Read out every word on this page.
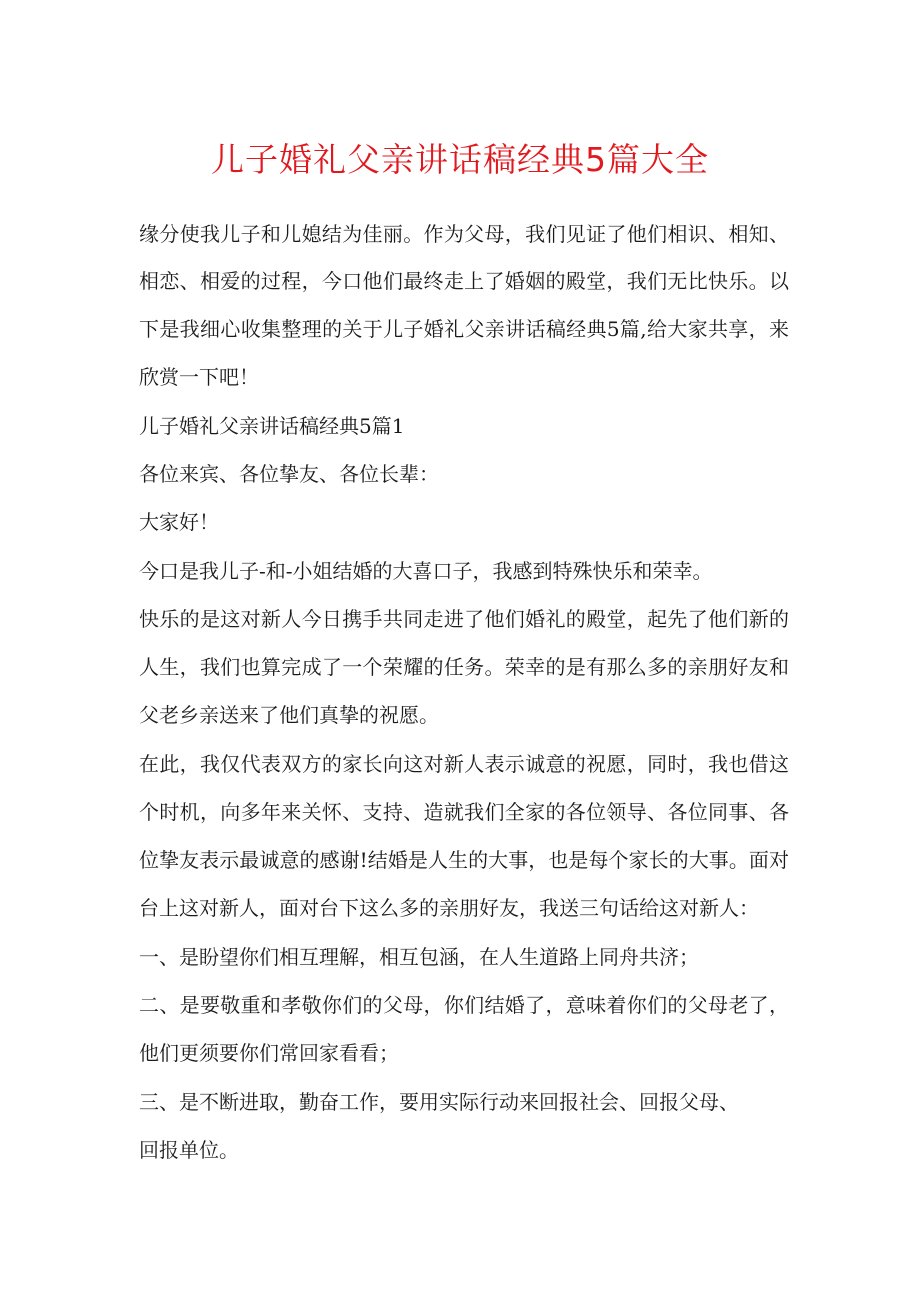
儿子婚礼父亲讲话稿经典5篇大全
缘分使我儿子和儿媳结为佳丽。作为父母，我们见证了他们相识、相知、
相恋、相爱的过程，今口他们最终走上了婚姻的殿堂，我们无比快乐。以
下是我细心收集整理的关于儿子婚礼父亲讲话稿经典5篇,给大家共享，来
欣赏一下吧！
儿子婚礼父亲讲话稿经典5篇1
各位来宾、各位挚友、各位长辈：
大家好！
今口是我儿子-和-小姐结婚的大喜口子，我感到特殊快乐和荣幸。
快乐的是这对新人今日携手共同走进了他们婚礼的殿堂，起先了他们新的
人生，我们也算完成了一个荣耀的任务。荣幸的是有那么多的亲朋好友和
父老乡亲送来了他们真挚的祝愿。
在此，我仅代表双方的家长向这对新人表示诚意的祝愿，同时，我也借这
个时机，向多年来关怀、支持、造就我们全家的各位领导、各位同事、各
位挚友表示最诚意的感谢!结婚是人生的大事，也是每个家长的大事。面对
台上这对新人，面对台下这么多的亲朋好友，我送三句话给这对新人：
一、是盼望你们相互理解，相互包涵，在人生道路上同舟共济；
二、是要敬重和孝敬你们的父母，你们结婚了，意味着你们的父母老了，
他们更须要你们常回家看看；
三、是不断进取，勤奋工作，要用实际行动来回报社会、回报父母、
回报单位。
